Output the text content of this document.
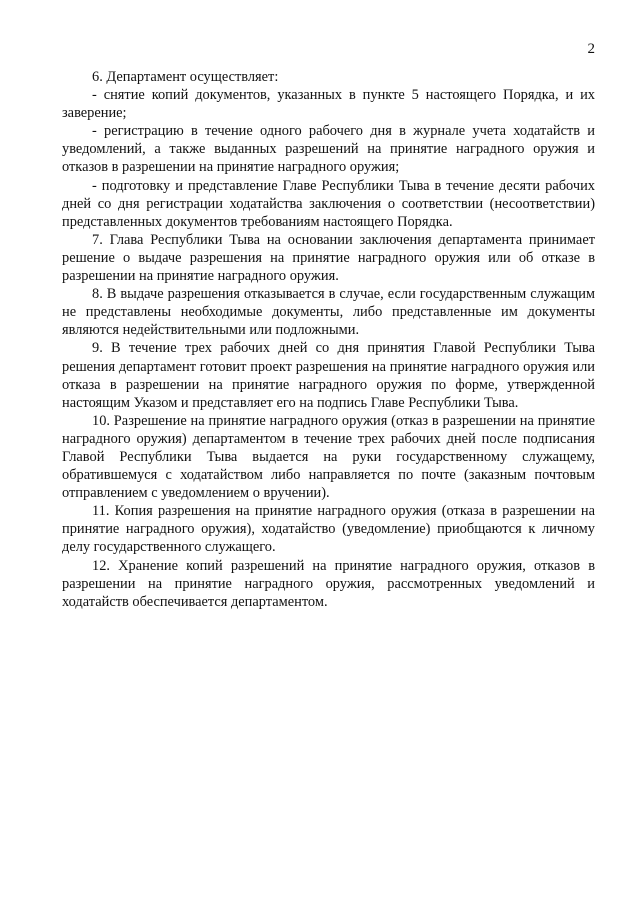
2

6. Департамент осуществляет:

- снятие копий документов, указанных в пункте 5 настоящего Порядка, и их заверение;

- регистрацию в течение одного рабочего дня в журнале учета ходатайств и уведомлений, а также выданных разрешений на принятие наградного оружия и отказов в разрешении на принятие наградного оружия;

- подготовку и представление Главе Республики Тыва в течение десяти рабочих дней со дня регистрации ходатайства заключения о соответствии (несоответствии) представленных документов требованиям настоящего Порядка.

7. Глава Республики Тыва на основании заключения департамента принимает решение о выдаче разрешения на принятие наградного оружия или об отказе в разрешении на принятие наградного оружия.

8. В выдаче разрешения отказывается в случае, если государственным служащим не представлены необходимые документы, либо представленные им документы являются недействительными или подложными.

9. В течение трех рабочих дней со дня принятия Главой Республики Тыва решения департамент готовит проект разрешения на принятие наградного оружия или отказа в разрешении на принятие наградного оружия по форме, утвержденной настоящим Указом и представляет его на подпись Главе Республики Тыва.

10. Разрешение на принятие наградного оружия (отказ в разрешении на принятие наградного оружия) департаментом в течение трех рабочих дней после подписания Главой Республики Тыва выдается на руки государственному служащему, обратившемуся с ходатайством либо направляется по почте (заказным почтовым отправлением с уведомлением о вручении).

11. Копия разрешения на принятие наградного оружия (отказа в разрешении на принятие наградного оружия), ходатайство (уведомление) приобщаются к личному делу государственного служащего.

12. Хранение копий разрешений на принятие наградного оружия, отказов в разрешении на принятие наградного оружия, рассмотренных уведомлений и ходатайств обеспечивается департаментом.
